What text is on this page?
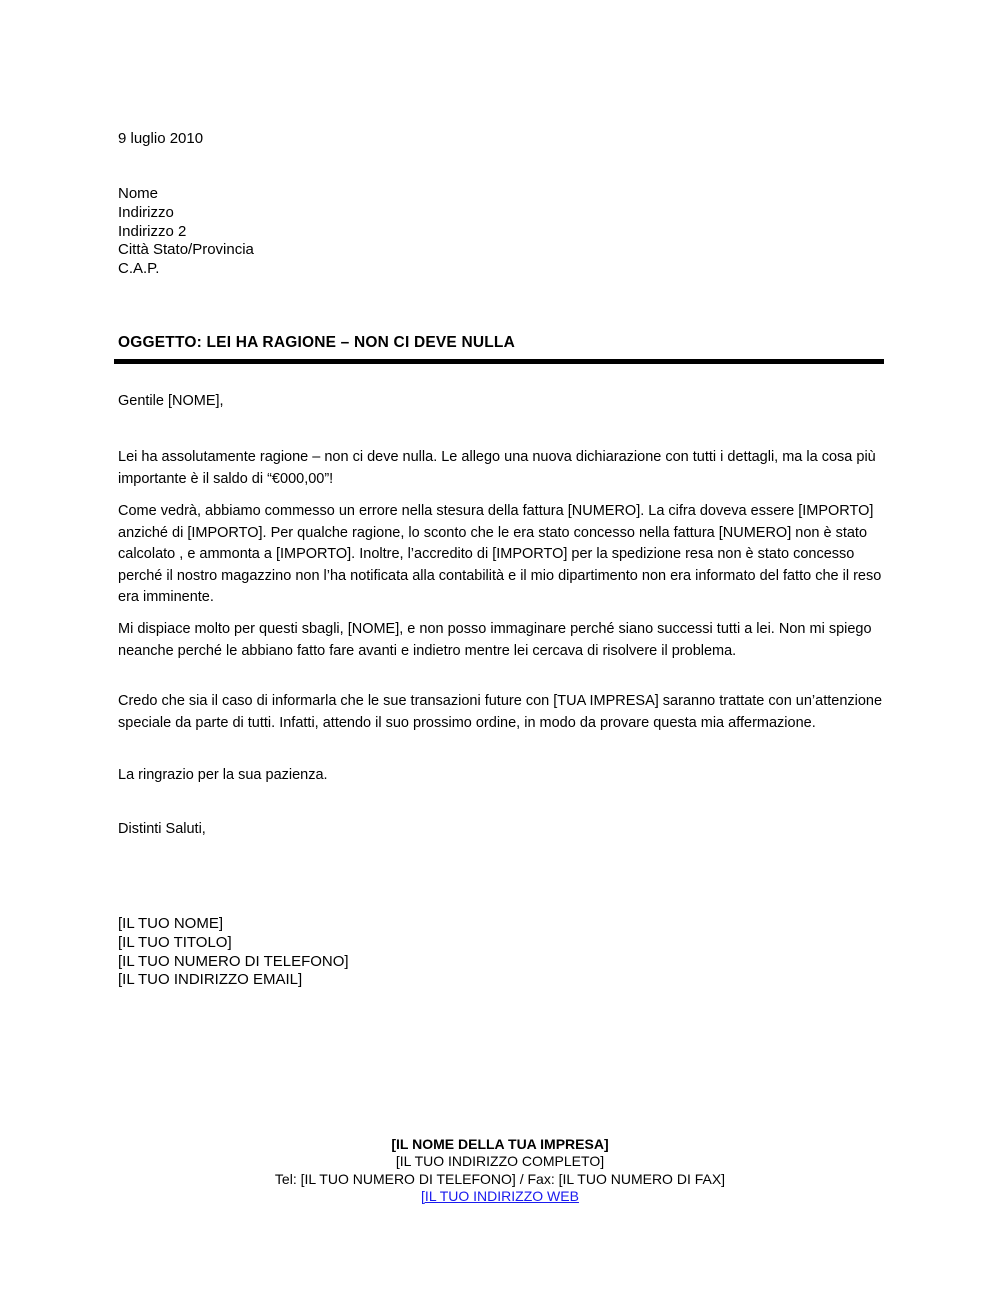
9 luglio 2010
Nome
Indirizzo
Indirizzo 2
Città Stato/Provincia
C.A.P.
OGGETTO: LEI HA RAGIONE – NON CI DEVE NULLA
Gentile [NOME],

Lei ha assolutamente ragione – non ci deve nulla. Le allego una nuova dichiarazione con tutti i dettagli, ma la cosa più importante è il saldo di “€000,00”!

Come vedrà, abbiamo commesso un errore nella stesura della fattura [NUMERO]. La cifra doveva essere [IMPORTO] anziché di [IMPORTO]. Per qualche ragione, lo sconto che le era stato concesso nella fattura [NUMERO] non è stato calcolato , e ammonta a [IMPORTO]. Inoltre, l’accredito di [IMPORTO] per la spedizione resa non è stato concesso perché il nostro magazzino non l’ha notificata alla contabilità e il mio dipartimento non era informato del fatto che il reso era imminente.

Mi dispiace molto per questi sbagli, [NOME], e non posso immaginare perché siano successi tutti a lei. Non mi spiego neanche perché le abbiano fatto fare avanti e indietro mentre lei cercava di risolvere il problema.

Credo che sia il caso di informarla che le sue transazioni future con [TUA IMPRESA] saranno trattate con un’attenzione speciale da parte di tutti. Infatti, attendo il suo prossimo ordine, in modo da provare questa mia affermazione.

La ringrazio per la sua pazienza.

Distinti Saluti,
[IL TUO NOME]
[IL TUO TITOLO]
[IL TUO NUMERO DI TELEFONO]
[IL TUO INDIRIZZO EMAIL]
[IL NOME DELLA TUA IMPRESA]
[IL TUO INDIRIZZO COMPLETO]
Tel: [IL TUO NUMERO DI TELEFONO] / Fax: [IL TUO NUMERO DI FAX]
[IL TUO INDIRIZZO WEB
